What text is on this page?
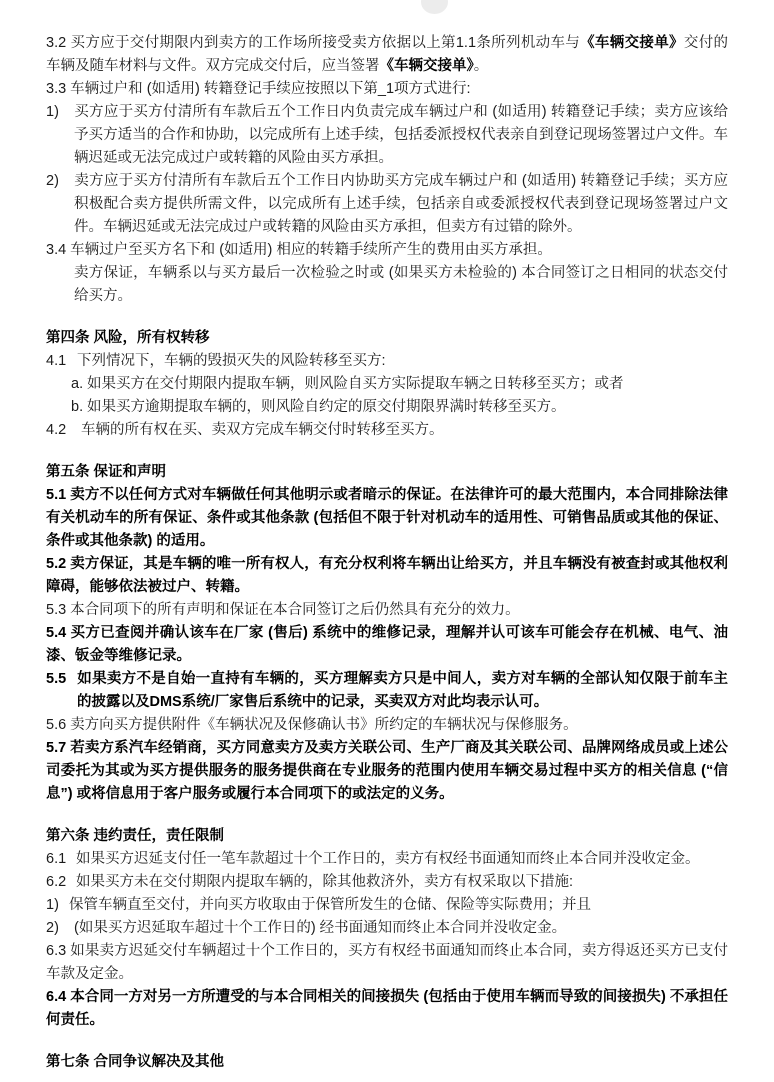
3.2 买方应于交付期限内到卖方的工作场所接受卖方依据以上第1.1条所列机动车与《车辆交接单》交付的车辆及随车材料与文件。双方完成交付后，应当签署《车辆交接单》。
3.3 车辆过户和 (如适用) 转籍登记手续应按照以下第_1项方式进行:
1) 买方应于买方付清所有车款后五个工作日内负责完成车辆过户和 (如适用) 转籍登记手续；卖方应该给予买方适当的合作和协助，以完成所有上述手续，包括委派授权代表亲自到登记现场签署过户文件。车辆迟延或无法完成过户或转籍的风险由买方承担。
2) 卖方应于买方付清所有车款后五个工作日内协助买方完成车辆过户和 (如适用) 转籍登记手续；买方应积极配合卖方提供所需文件，以完成所有上述手续，包括亲自或委派授权代表到登记现场签署过户文件。车辆迟延或无法完成过户或转籍的风险由买方承担，但卖方有过错的除外。
3.4 车辆过户至买方名下和 (如适用) 相应的转籍手续所产生的费用由买方承担。
卖方保证，车辆系以与买方最后一次检验之时或 (如果买方未检验的) 本合同签订之日相同的状态交付给买方。
第四条 风险，所有权转移
4.1 下列情况下，车辆的毁损灭失的风险转移至买方:
a. 如果买方在交付期限内提取车辆，则风险自买方实际提取车辆之日转移至买方；或者
b. 如果买方逾期提取车辆的，则风险自约定的原交付期限界满时转移至买方。
4.2 车辆的所有权在买、卖双方完成车辆交付时转移至买方。
第五条 保证和声明
5.1 卖方不以任何方式对车辆做任何其他明示或者暗示的保证。在法律许可的最大范围内，本合同排除法律有关机动车的所有保证、条件或其他条款 (包括但不限于针对机动车的适用性、可销售品质或其他的保证、条件或其他条款) 的适用。
5.2 卖方保证，其是车辆的唯一所有权人，有充分权利将车辆出让给买方，并且车辆没有被查封或其他权利障碍，能够依法被过户、转籍。
5.3 本合同项下的所有声明和保证在本合同签订之后仍然具有充分的效力。
5.4 买方已查阅并确认该车在厂家 (售后) 系统中的维修记录，理解并认可该车可能会存在机械、电气、油漆、钣金等维修记录。
5.5 如果卖方不是自始一直持有车辆的，买方理解卖方只是中间人，卖方对车辆的全部认知仅限于前车主的披露以及DMS系统/厂家售后系统中的记录，买卖双方对此均表示认可。
5.6 卖方向买方提供附件《车辆状况及保修确认书》所约定的车辆状况与保修服务。
5.7 若卖方系汽车经销商，买方同意卖方及卖方关联公司、生产厂商及其关联公司、品牌网络成员或上述公司委托为其或为买方提供服务的服务提供商在专业服务的范围内使用车辆交易过程中买方的相关信息 (“信息”) 或将信息用于客户服务或履行本合同项下的或法定的义务。
第六条 违约责任，责任限制
6.1 如果买方迟延支付任一笔车款超过十个工作日的，卖方有权经书面通知而终止本合同并没收定金。
6.2 如果买方未在交付期限内提取车辆的，除其他救济外，卖方有权采取以下措施:
1) 保管车辆直至交付，并向买方收取由于保管所发生的仓储、保险等实际费用；并且
2) (如果买方迟延取车超过十个工作日的) 经书面通知而终止本合同并没收定金。
6.3 如果卖方迟延交付车辆超过十个工作日的，买方有权经书面通知而终止本合同，卖方得返还买方已支付车款及定金。
6.4 本合同一方对另一方所遭受的与本合同相关的间接损失 (包括由于使用车辆而导致的间接损失) 不承担任何责任。
第七条 合同争议解决及其他
